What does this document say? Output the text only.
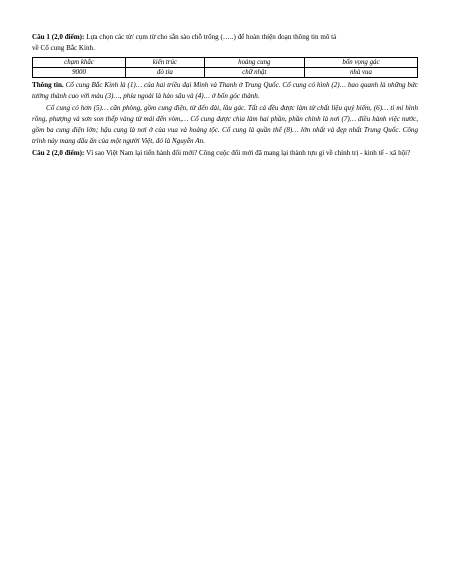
Câu 1 (2,0 điểm): Lựa chọn các từ/ cụm từ cho sẵn sào chỗ trống (…..) để hoàn thiện đoạn thông tin mô tả
về Cổ cung Bắc Kinh.

chạm khắc	kiến trúc	hoàng cung	bốn vọng gác
9000	đỏ tía	chữ nhật	nhà vua

Thông tin. Cổ cung Bắc Kinh là (1)… của hai triều đại Minh và Thanh ở Trung Quốc. Cổ cung có hình (2)… bao quanh là những bức tường thành cao với màu (3)…, phía ngoài là hào sâu và (4)… ở bốn góc thành.

Cổ cung có hơn (5)… căn phòng, gồm cung điện, từ đến đài, lầu gác. Tất cả đều được làm từ chất liệu quý hiếm, (6)… tỉ mỉ hình rồng, phượng và sơn son thếp vàng từ mái đến vòm,… Cổ cung được chia làm hai phần, phần chính là nơi (7)… điều hành việc nước, gồm ba cung điện lớn; hậu cung là nơi ở của vua và hoàng tộc. Cổ cung là quần thể (8)… lớn nhất và đẹp nhất Trung Quốc. Công trình này mang dấu ấn của một người Việt, đó là Nguyễn An.

Câu 2 (2,0 điểm): Vì sao Việt Nam lại tiến hành đổi mới? Công cuộc đổi mới đã mang lại thành tựu gì về chính trị - kinh tế - xã hội?
